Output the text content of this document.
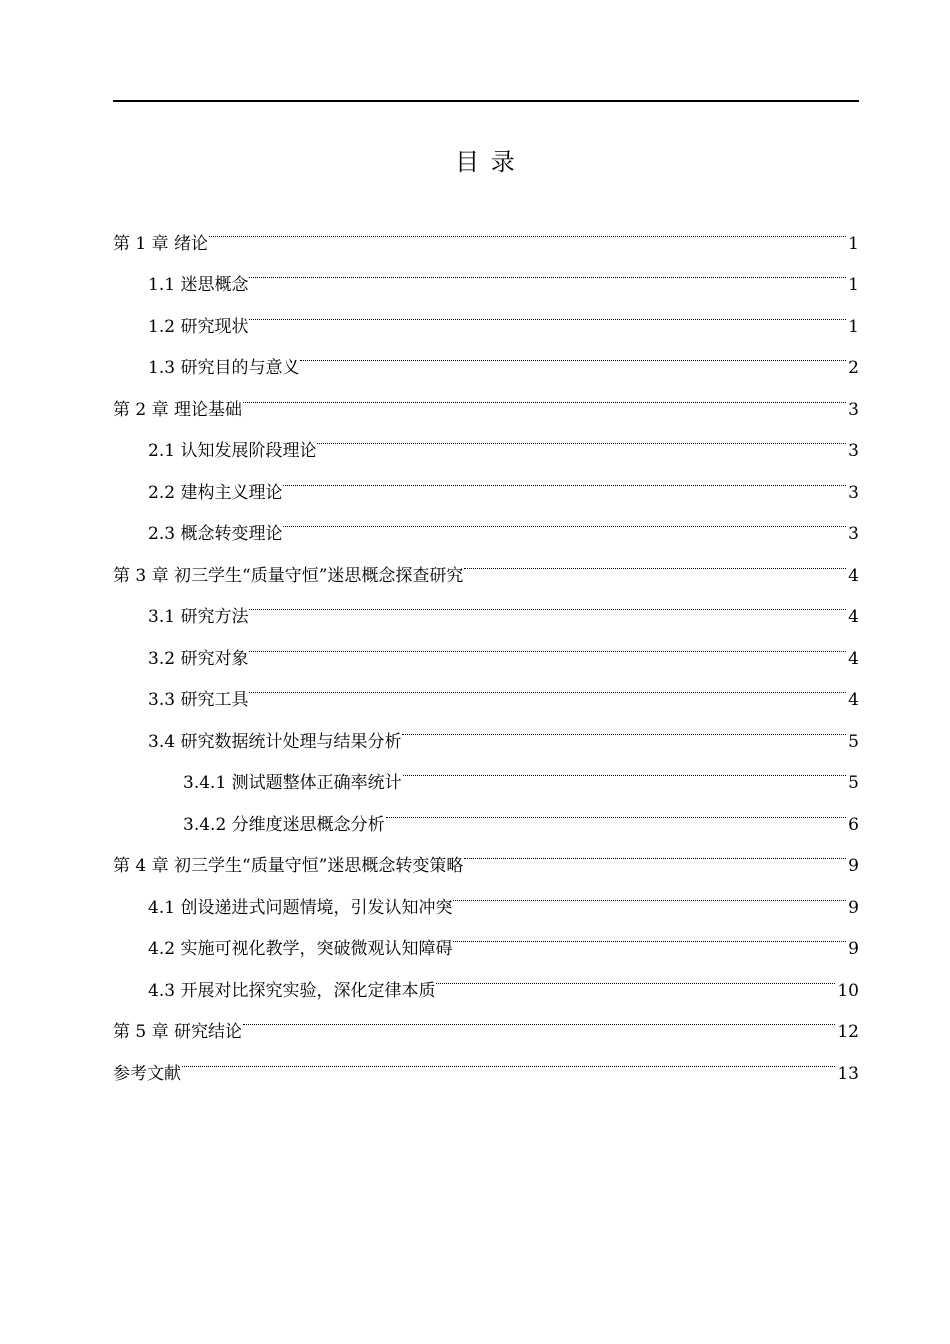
目 录
第 1 章 绪论	1
1.1 迷思概念	1
1.2 研究现状	1
1.3 研究目的与意义	2
第 2 章 理论基础	3
2.1 认知发展阶段理论	3
2.2 建构主义理论	3
2.3 概念转变理论	3
第 3 章 初三学生“质量守恒”迷思概念探查研究	4
3.1 研究方法	4
3.2 研究对象	4
3.3 研究工具	4
3.4 研究数据统计处理与结果分析	5
3.4.1 测试题整体正确率统计	5
3.4.2 分维度迷思概念分析	6
第 4 章 初三学生“质量守恒”迷思概念转变策略	9
4.1 创设递进式问题情境，引发认知冲突	9
4.2 实施可视化教学，突破微观认知障碍	9
4.3 开展对比探究实验，深化定律本质	10
第 5 章 研究结论	12
参考文献	13
